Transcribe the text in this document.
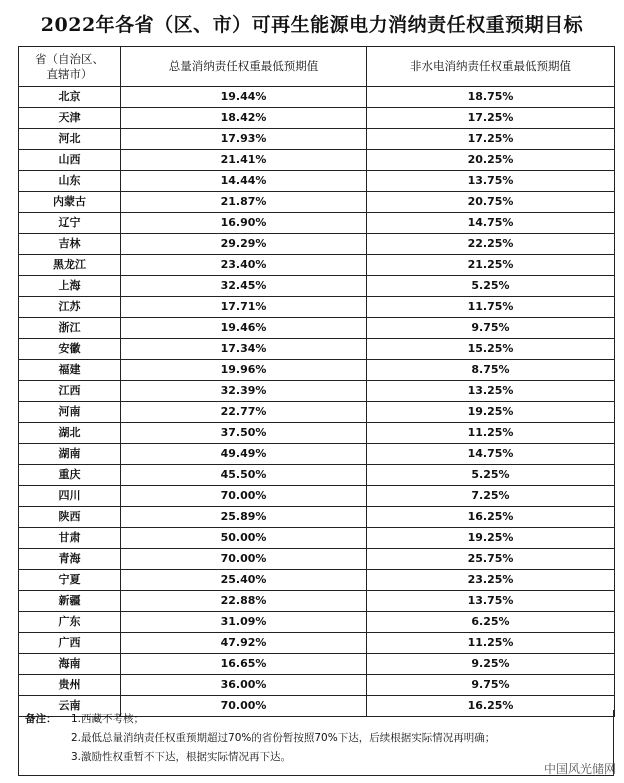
2022年各省（区、市）可再生能源电力消纳责任权重预期目标
省（自治区、
直辖市）	总量消纳责任权重最低预期值	非水电消纳责任权重最低预期值
北京	19.44%	18.75%
天津	18.42%	17.25%
河北	17.93%	17.25%
山西	21.41%	20.25%
山东	14.44%	13.75%
内蒙古	21.87%	20.75%
辽宁	16.90%	14.75%
吉林	29.29%	22.25%
黑龙江	23.40%	21.25%
上海	32.45%	5.25%
江苏	17.71%	11.75%
浙江	19.46%	9.75%
安徽	17.34%	15.25%
福建	19.96%	8.75%
江西	32.39%	13.25%
河南	22.77%	19.25%
湖北	37.50%	11.25%
湖南	49.49%	14.75%
重庆	45.50%	5.25%
四川	70.00%	7.25%
陕西	25.89%	16.25%
甘肃	50.00%	19.25%
青海	70.00%	25.75%
宁夏	25.40%	23.25%
新疆	22.88%	13.75%
广东	31.09%	6.25%
广西	47.92%	11.25%
海南	16.65%	9.25%
贵州	36.00%	9.75%
云南	70.00%	16.25%
备注： 1.西藏不考核；
2.最低总量消纳责任权重预期超过70%的省份暂按照70%下达，后续根据实际情况再明确；
3.激励性权重暂不下达，根据实际情况再下达。
中国风光储网
